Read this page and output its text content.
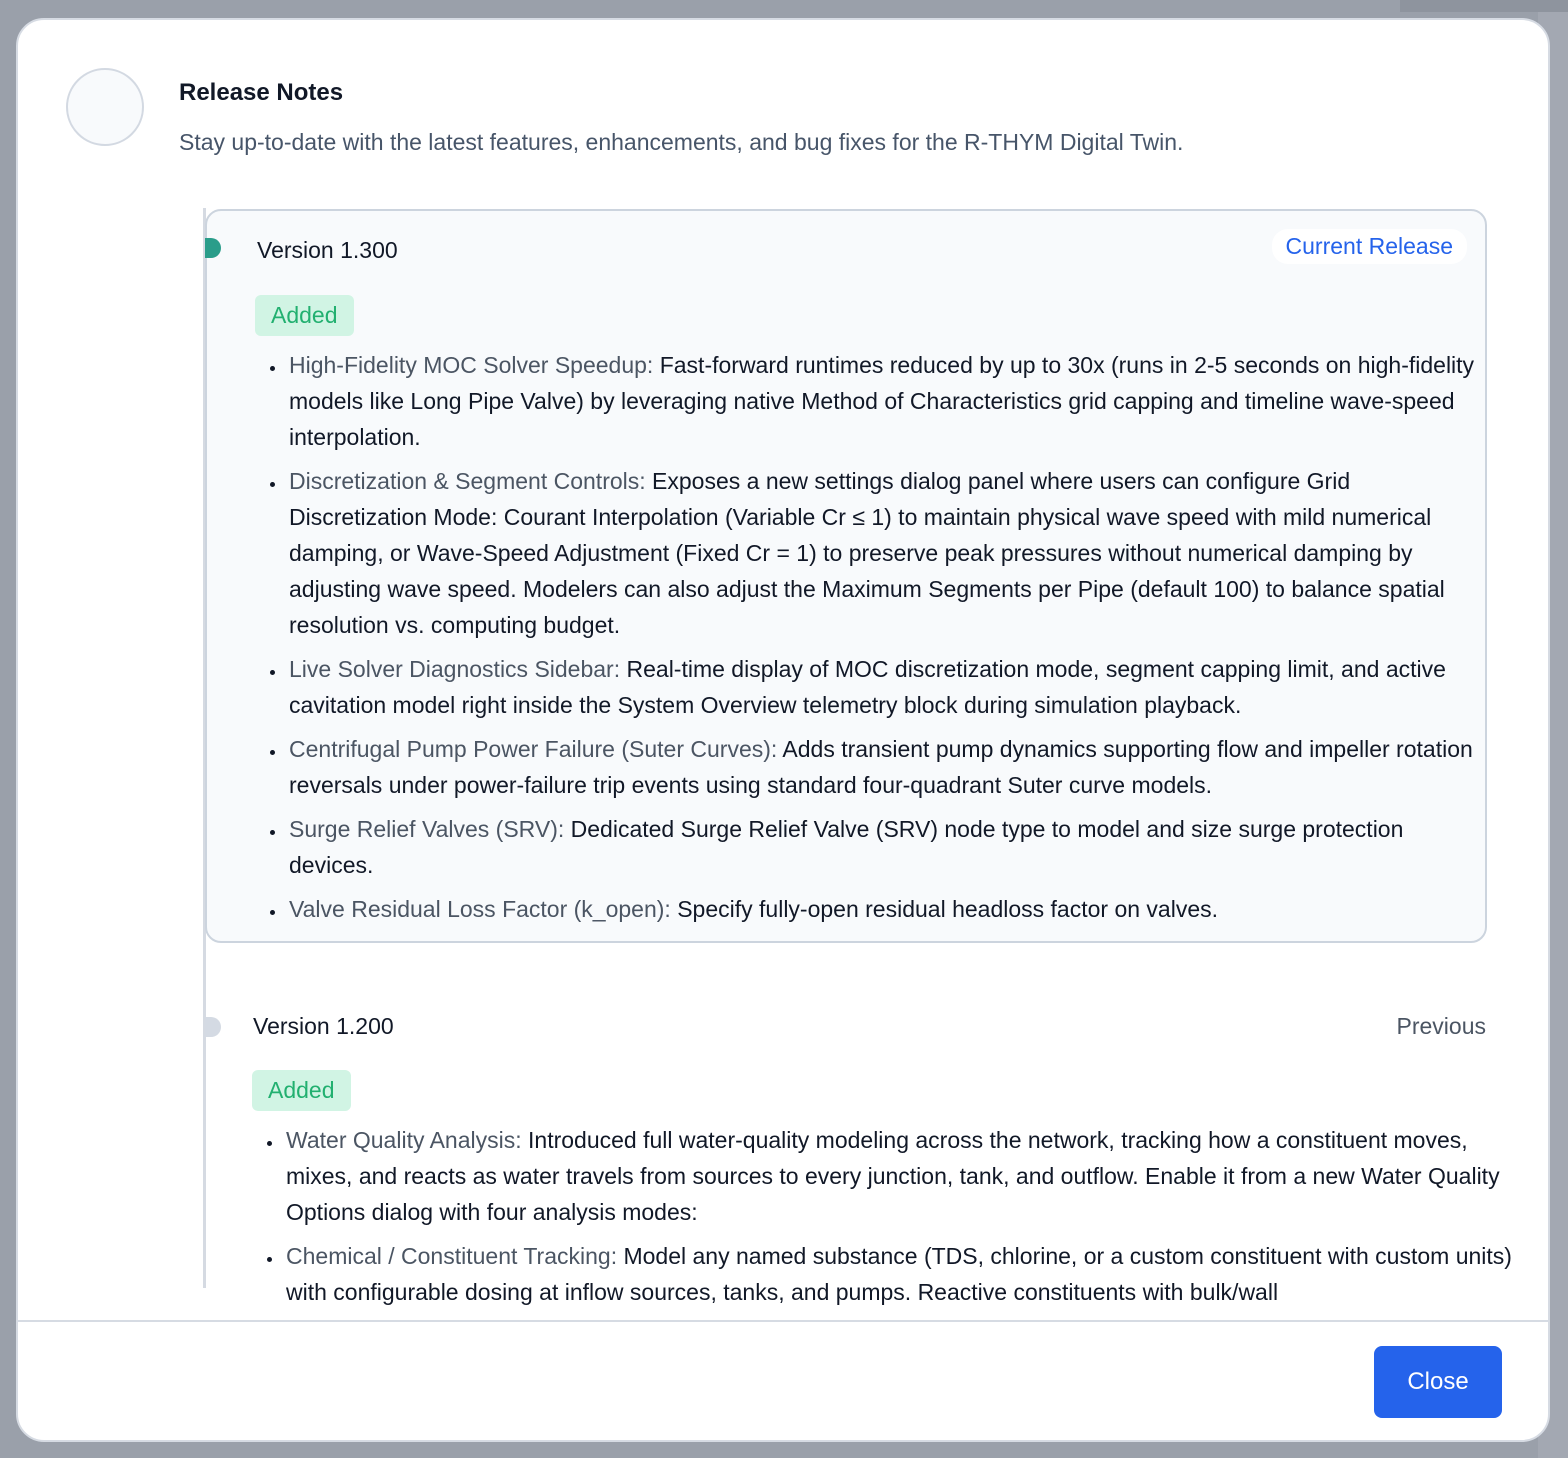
Release Notes
Stay up-to-date with the latest features, enhancements, and bug fixes for the R-THYM Digital Twin.
Version 1.300	Current Release
Added
• High-Fidelity MOC Solver Speedup: Fast-forward runtimes reduced by up to 30x (runs in 2-5 seconds on high-fidelity models like Long Pipe Valve) by leveraging native Method of Characteristics grid capping and timeline wave-speed interpolation.
• Discretization & Segment Controls: Exposes a new settings dialog panel where users can configure Grid Discretization Mode: Courant Interpolation (Variable Cr ≤ 1) to maintain physical wave speed with mild numerical damping, or Wave-Speed Adjustment (Fixed Cr = 1) to preserve peak pressures without numerical damping by adjusting wave speed. Modelers can also adjust the Maximum Segments per Pipe (default 100) to balance spatial resolution vs. computing budget.
• Live Solver Diagnostics Sidebar: Real-time display of MOC discretization mode, segment capping limit, and active cavitation model right inside the System Overview telemetry block during simulation playback.
• Centrifugal Pump Power Failure (Suter Curves): Adds transient pump dynamics supporting flow and impeller rotation reversals under power-failure trip events using standard four-quadrant Suter curve models.
• Surge Relief Valves (SRV): Dedicated Surge Relief Valve (SRV) node type to model and size surge protection devices.
• Valve Residual Loss Factor (k_open): Specify fully-open residual headloss factor on valves.
Version 1.200	Previous
Added
• Water Quality Analysis: Introduced full water-quality modeling across the network, tracking how a constituent moves, mixes, and reacts as water travels from sources to every junction, tank, and outflow. Enable it from a new Water Quality Options dialog with four analysis modes:
• Chemical / Constituent Tracking: Model any named substance (TDS, chlorine, or a custom constituent with custom units) with configurable dosing at inflow sources, tanks, and pumps. Reactive constituents with bulk/wall
Close
